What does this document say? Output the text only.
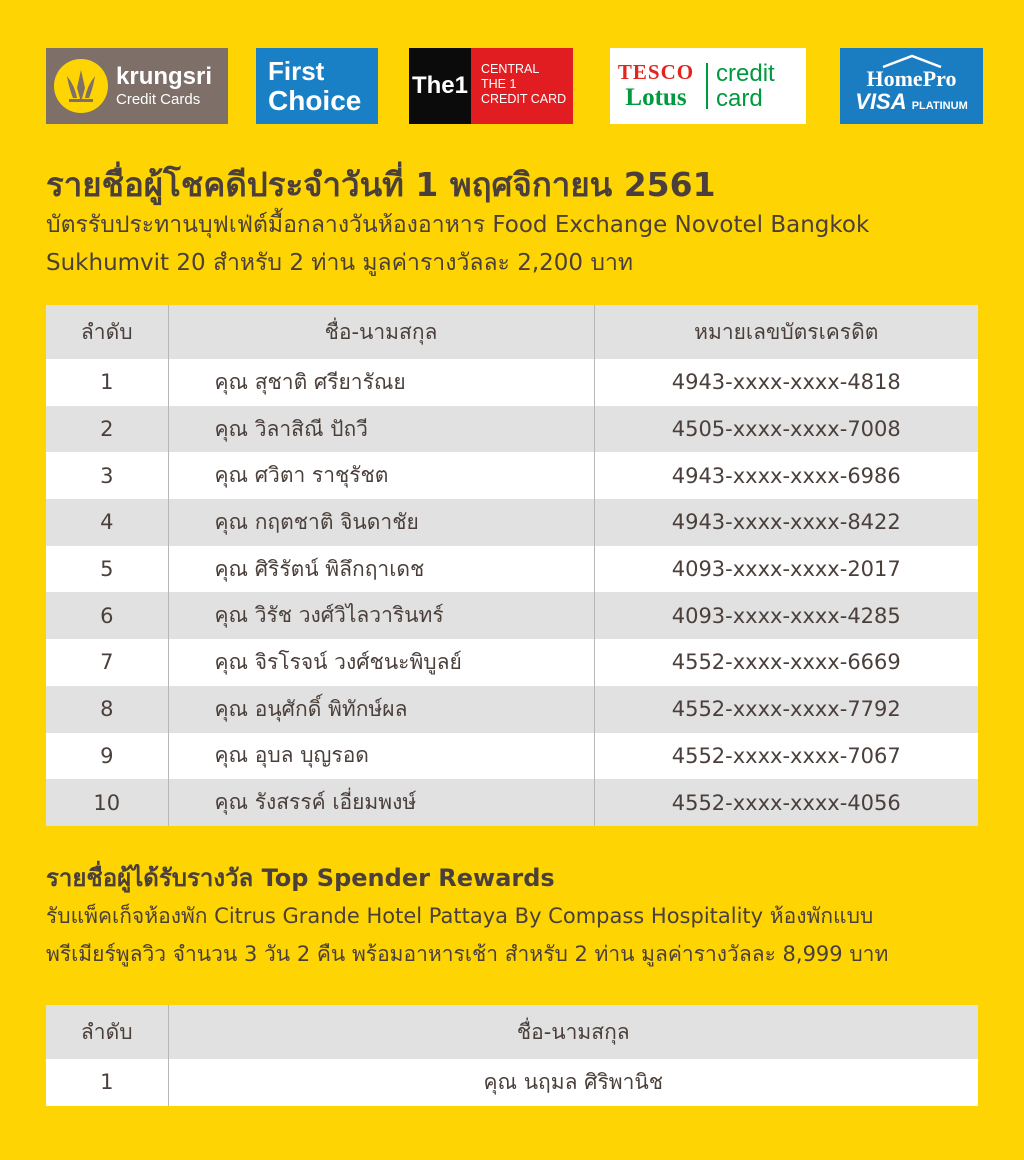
krungsri
Credit Cards
First
Choice	The1
CENTRAL
THE 1
CREDIT CARD
TESCO
Lotus
credit
card
HomePro
VISA PLATINUM
รายชื่อผู้โชคดีประจำวันที่ 1 พฤศจิกายน 2561
บัตรรับประทานบุฟเฟ่ต์มื้อกลางวันห้องอาหาร Food Exchange Novotel Bangkok
Sukhumvit 20 สำหรับ 2 ท่าน มูลค่ารางวัลละ 2,200 บาท
ลำดับ	ชื่อ-นามสกุล	หมายเลขบัตรเครดิต
1	คุณ สุชาติ ศรียารัณย	4943-xxxx-xxxx-4818
2	คุณ วิลาสิณี ปัถวี	4505-xxxx-xxxx-7008
3	คุณ ศวิตา ราชุรัชต	4943-xxxx-xxxx-6986
4	คุณ กฤตชาติ จินดาชัย	4943-xxxx-xxxx-8422
5	คุณ ศิริรัตน์ พิลึกฤาเดช	4093-xxxx-xxxx-2017
6	คุณ วิรัช วงศ์วิไลวารินทร์	4093-xxxx-xxxx-4285
7	คุณ จิรโรจน์ วงศ์ชนะพิบูลย์	4552-xxxx-xxxx-6669
8	คุณ อนุศักดิ์ พิทักษ์ผล	4552-xxxx-xxxx-7792
9	คุณ อุบล บุญรอด	4552-xxxx-xxxx-7067
10	คุณ รังสรรค์ เอี่ยมพงษ์	4552-xxxx-xxxx-4056
รายชื่อผู้ได้รับรางวัล Top Spender Rewards
รับแพ็คเก็จห้องพัก Citrus Grande Hotel Pattaya By Compass Hospitality ห้องพักแบบ
พรีเมียร์พูลวิว จำนวน 3 วัน 2 คืน พร้อมอาหารเช้า สำหรับ 2 ท่าน มูลค่ารางวัลละ 8,999 บาท
ลำดับ	ชื่อ-นามสกุล
1	คุณ นฤมล ศิริพานิช
